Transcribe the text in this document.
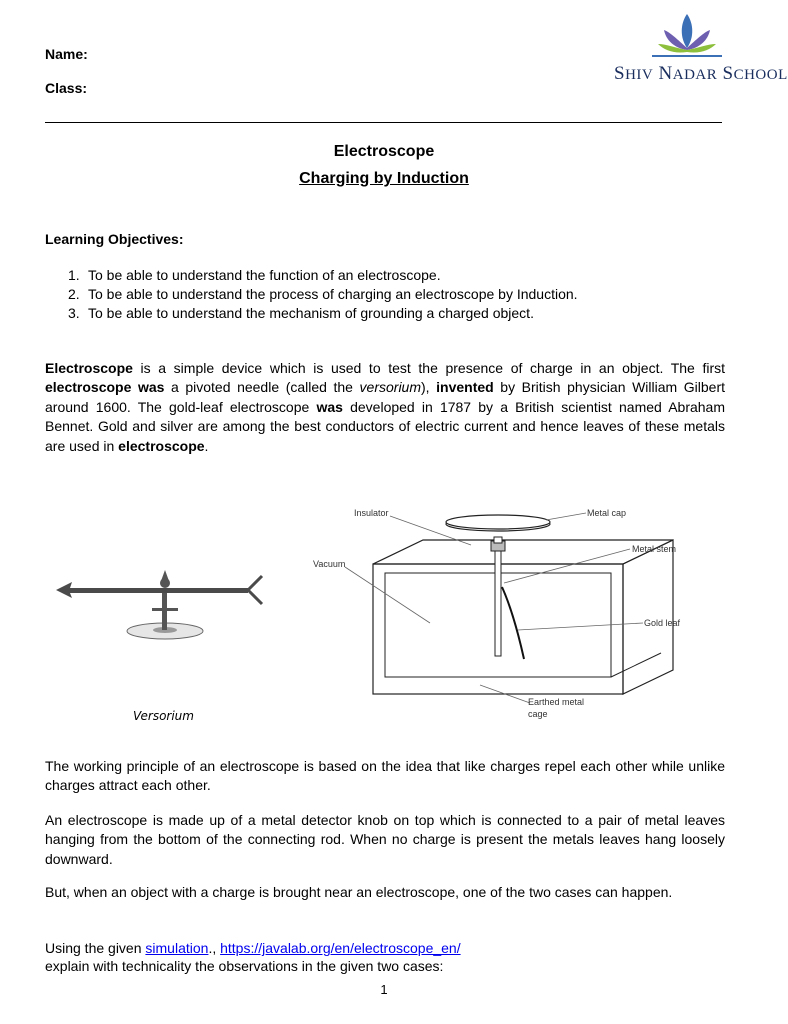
Name:
Class:
SHIV NADAR SCHOOL
Electroscope
Charging by Induction
Learning Objectives:
1. To be able to understand the function of an electroscope.
2. To be able to understand the process of charging an electroscope by Induction.
3. To be able to understand the mechanism of grounding a charged object.

Electroscope is a simple device which is used to test the presence of charge in an object. The first electroscope was a pivoted needle (called the versorium), invented by British physician William Gilbert around 1600. The gold-leaf electroscope was developed in 1787 by a British scientist named Abraham Bennet. Gold and silver are among the best conductors of electric current and hence leaves of these metals are used in electroscope.

Versorium
Insulator	Metal cap
Vacuum
Metal stem
Gold leaf
Earthed metal
cage

The working principle of an electroscope is based on the idea that like charges repel each other while unlike charges attract each other.

An electroscope is made up of a metal detector knob on top which is connected to a pair of metal leaves hanging from the bottom of the connecting rod. When no charge is present the metals leaves hang loosely downward.

But, when an object with a charge is brought near an electroscope, one of the two cases can happen.

Using the given simulation., https://javalab.org/en/electroscope_en/

explain with technicality the observations in the given two cases:

1
